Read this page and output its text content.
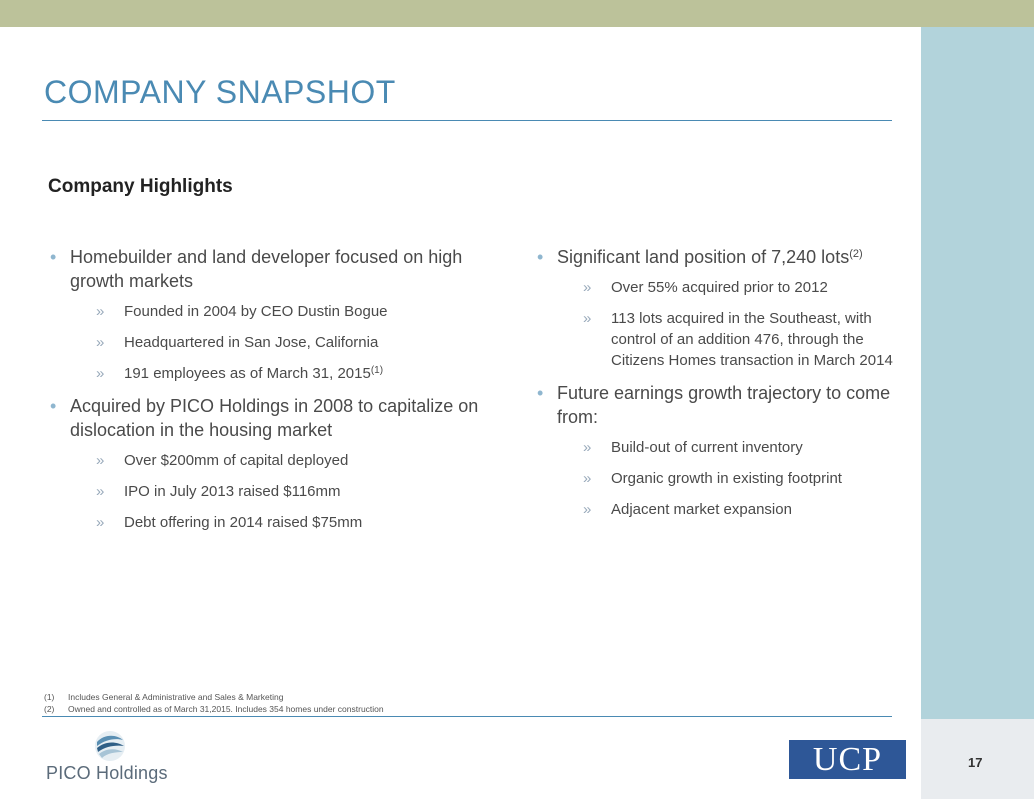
COMPANY SNAPSHOT
Company Highlights
• Homebuilder and land developer focused on high growth markets
» Founded in 2004 by CEO Dustin Bogue
» Headquartered in San Jose, California
» 191 employees as of March 31, 2015$^{(1)}$
• Acquired by PICO Holdings in 2008 to capitalize on dislocation in the housing market
» Over $200mm of capital deployed
» IPO in July 2013 raised $116mm
» Debt offering in 2014 raised $75mm
• Significant land position of 7,240 lots$^{(2)}$
» Over 55% acquired prior to 2012
» 113 lots acquired in the Southeast, with control of an addition 476, through the Citizens Homes transaction in March 2014
• Future earnings growth trajectory to come from:
» Build-out of current inventory
» Organic growth in existing footprint
» Adjacent market expansion
(1)	Includes General & Administrative and Sales & Marketing
(2)	Owned and controlled as of March 31,2015. Includes 354 homes under construction
PICO Holdings	UCP	17
